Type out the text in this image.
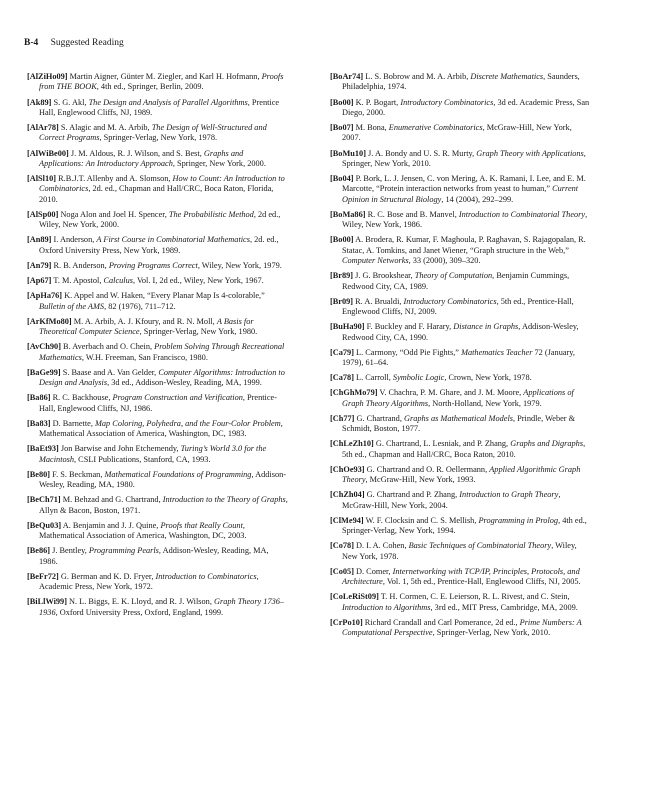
B-4 Suggested Reading

[AlZiHo09] Martin Aigner, Günter M. Ziegler, and Karl H. Hofmann, Proofs from THE BOOK, 4th ed., Springer, Berlin, 2009.

[Ak89] S. G. Akl, The Design and Analysis of Parallel Algorithms, Prentice Hall, Englewood Cliffs, NJ, 1989.

[AlAr78] S. Alagic and M. A. Arbib, The Design of Well-Structured and Correct Programs, Springer-Verlag, New York, 1978.

[AlWiBe00] J. M. Aldous, R. J. Wilson, and S. Best, Graphs and Applications: An Introductory Approach, Springer, New York, 2000.

[AlSl10] R.B.J.T. Allenby and A. Slomson, How to Count: An Introduction to Combinatorics, 2d. ed., Chapman and Hall/CRC, Boca Raton, Florida, 2010.

[AlSp00] Noga Alon and Joel H. Spencer, The Probabilistic Method, 2d ed., Wiley, New York, 2000.

[An89] I. Anderson, A First Course in Combinatorial Mathematics, 2d. ed., Oxford University Press, New York, 1989.

[An79] R. B. Anderson, Proving Programs Correct, Wiley, New York, 1979.

[Ap67] T. M. Apostol, Calculus, Vol. I, 2d ed., Wiley, New York, 1967.

[ApHa76] K. Appel and W. Haken, “Every Planar Map Is 4-colorable,” Bulletin of the AMS, 82 (1976), 711–712.

[ArKfMo80] M. A. Arbib, A. J. Kfoury, and R. N. Moll, A Basis for Theoretical Computer Science, Springer-Verlag, New York, 1980.

[AvCh90] B. Averbach and O. Chein, Problem Solving Through Recreational Mathematics, W.H. Freeman, San Francisco, 1980.

[BaGe99] S. Baase and A. Van Gelder, Computer Algorithms: Introduction to Design and Analysis, 3d ed., Addison-Wesley, Reading, MA, 1999.

[Ba86] R. C. Backhouse, Program Construction and Verification, Prentice-Hall, Englewood Cliffs, NJ, 1986.

[Ba83] D. Barnette, Map Coloring, Polyhedra, and the Four-Color Problem, Mathematical Association of America, Washington, DC, 1983.

[BaEt93] Jon Barwise and John Etchemendy, Turing’s World 3.0 for the Macintosh, CSLI Publications, Stanford, CA, 1993.

[Be80] F. S. Beckman, Mathematical Foundations of Programming, Addison-Wesley, Reading, MA, 1980.

[BeCh71] M. Behzad and G. Chartrand, Introduction to the Theory of Graphs, Allyn & Bacon, Boston, 1971.

[BeQu03] A. Benjamin and J. J. Quine, Proofs that Really Count, Mathematical Association of America, Washington, DC, 2003.

[Be86] J. Bentley, Programming Pearls, Addison-Wesley, Reading, MA, 1986.

[BeFr72] G. Berman and K. D. Fryer, Introduction to Combinatorics, Academic Press, New York, 1972.

[BiLlWi99] N. L. Biggs, E. K. Lloyd, and R. J. Wilson, Graph Theory 1736–1936, Oxford University Press, Oxford, England, 1999.

[BoAr74] L. S. Bobrow and M. A. Arbib, Discrete Mathematics, Saunders, Philadelphia, 1974.

[Bo00] K. P. Bogart, Introductory Combinatorics, 3d ed. Academic Press, San Diego, 2000.

[Bo07] M. Bona, Enumerative Combinatorics, McGraw-Hill, New York, 2007.

[BoMu10] J. A. Bondy and U. S. R. Murty, Graph Theory with Applications, Springer, New York, 2010.

[Bo04] P. Bork, L. J. Jensen, C. von Mering, A. K. Ramani, I. Lee, and E. M. Marcotte, “Protein interaction networks from yeast to human,” Current Opinion in Structural Biology, 14 (2004), 292–299.

[BoMa86] R. C. Bose and B. Manvel, Introduction to Combinatorial Theory, Wiley, New York, 1986.

[Bo00] A. Brodera, R. Kumar, F. Maghoula, P. Raghavan, S. Rajagopalan, R. Statac, A. Tomkins, and Janet Wiener, “Graph structure in the Web,” Computer Networks, 33 (2000), 309–320.

[Br89] J. G. Brookshear, Theory of Computation, Benjamin Cummings, Redwood City, CA, 1989.

[Br09] R. A. Brualdi, Introductory Combinatorics, 5th ed., Prentice-Hall, Englewood Cliffs, NJ, 2009.

[BuHa90] F. Buckley and F. Harary, Distance in Graphs, Addison-Wesley, Redwood City, CA, 1990.

[Ca79] L. Carmony, “Odd Pie Fights,” Mathematics Teacher 72 (January, 1979), 61–64.

[Ca78] L. Carroll, Symbolic Logic, Crown, New York, 1978.

[ChGhMo79] V. Chachra, P. M. Ghare, and J. M. Moore, Applications of Graph Theory Algorithms, North-Holland, New York, 1979.

[Ch77] G. Chartrand, Graphs as Mathematical Models, Prindle, Weber & Schmidt, Boston, 1977.

[ChLeZh10] G. Chartrand, L. Lesniak, and P. Zhang, Graphs and Digraphs, 5th ed., Chapman and Hall/CRC, Boca Raton, 2010.

[ChOe93] G. Chartrand and O. R. Oellermann, Applied Algorithmic Graph Theory, McGraw-Hill, New York, 1993.

[ChZh04] G. Chartrand and P. Zhang, Introduction to Graph Theory, McGraw-Hill, New York, 2004.

[ClMe94] W. F. Clocksin and C. S. Mellish, Programming in Prolog, 4th ed., Springer-Verlag, New York, 1994.

[Co78] D. I. A. Cohen, Basic Techniques of Combinatorial Theory, Wiley, New York, 1978.

[Co05] D. Comer, Internetworking with TCP/IP, Principles, Protocols, and Architecture, Vol. 1, 5th ed., Prentice-Hall, Englewood Cliffs, NJ, 2005.

[CoLeRiSt09] T. H. Cormen, C. E. Leierson, R. L. Rivest, and C. Stein, Introduction to Algorithms, 3rd ed., MIT Press, Cambridge, MA, 2009.

[CrPo10] Richard Crandall and Carl Pomerance, 2d ed., Prime Numbers: A Computational Perspective, Springer-Verlag, New York, 2010.
